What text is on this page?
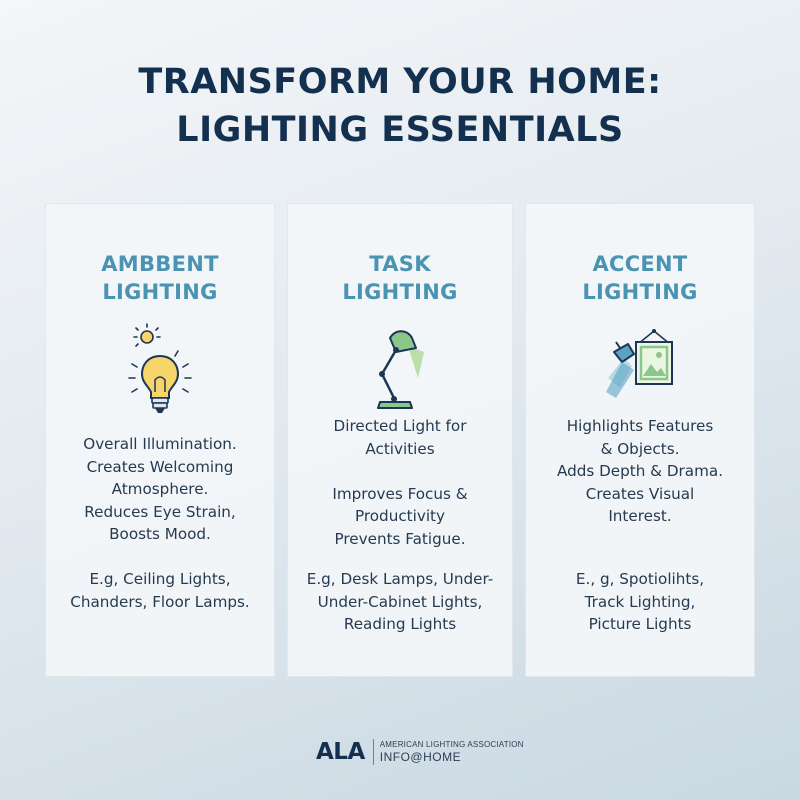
TRANSFORM YOUR HOME:
LIGHTING ESSENTIALS
AMBBENT
LIGHTING
Overall Illumination.
Creates Welcoming
Atmosphere.
Reduces Eye Strain,
Boosts Mood.
E.g, Ceiling Lights,
Chanders, Floor Lamps.
TASK
LIGHTING
Directed Light for
Activities

Improves Focus &
Productivity
Prevents Fatigue.
E.g, Desk Lamps, Under-
Under-Cabinet Lights,
Reading Lights
ACCENT
LIGHTING
Highlights Features
& Objects.
Adds Depth & Drama.
Creates Visual
Interest.
E., g, Spotiolihts,
Track Lighting,
Picture Lights
ALA AMERICAN LIGHTING ASSOCIATION
INFO@HOME
